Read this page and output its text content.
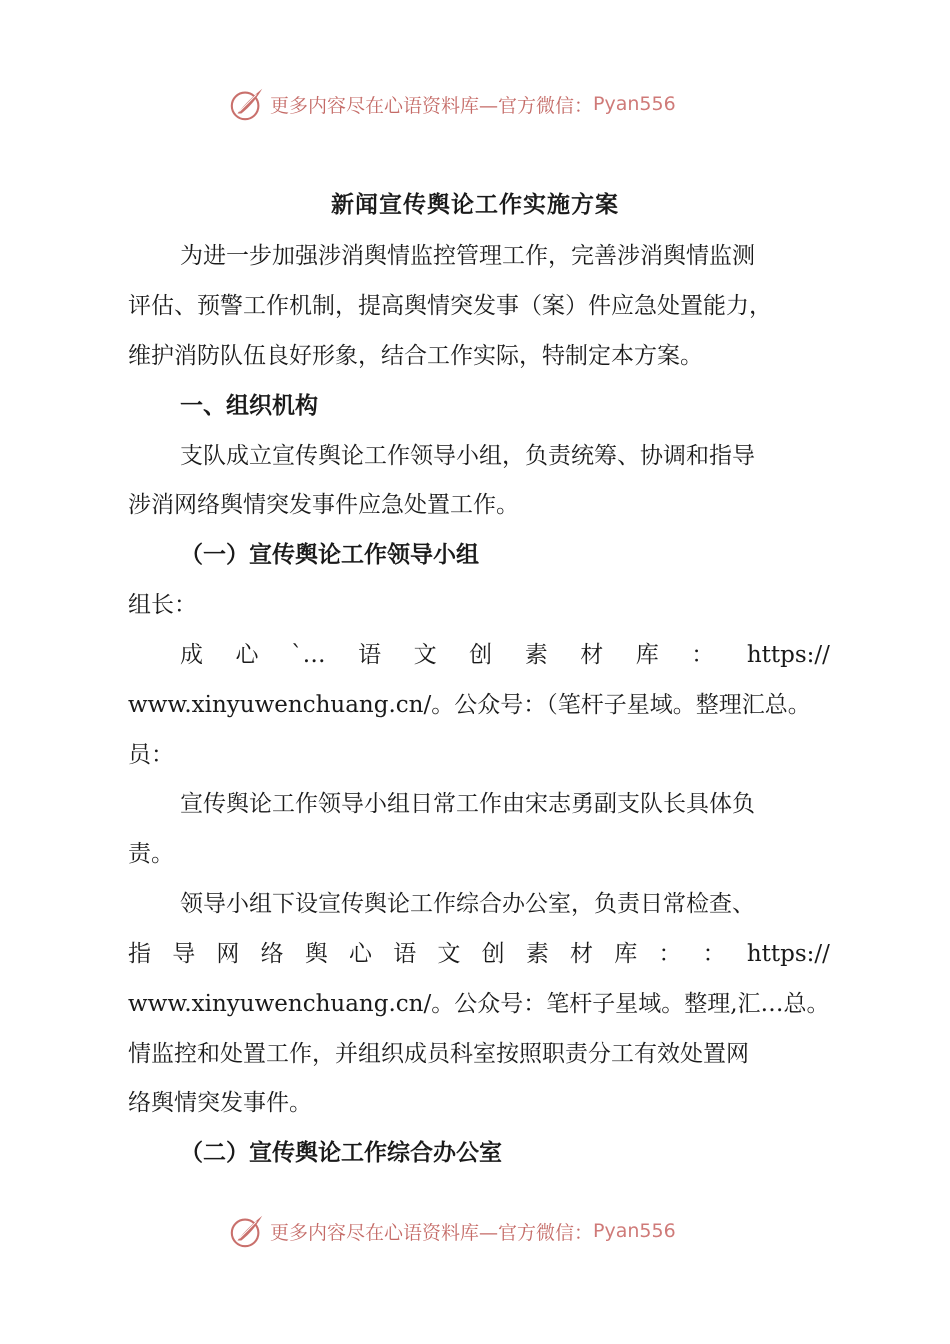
更多内容尽在心语资料库—官方微信： Pyan556
新闻宣传舆论工作实施方案
为进一步加强涉消舆情监控管理工作，完善涉消舆情监测
评估、预警工作机制，提高舆情突发事（案）件应急处置能力，
维护消防队伍良好形象，结合工作实际，特制定本方案。
一、组织机构
支队成立宣传舆论工作领导小组，负责统筹、协调和指导
涉消网络舆情突发事件应急处置工作。
（一）宣传舆论工作领导小组
组长：
成 心 `… 语 文 创 素 材 库 ： https://
www.xinyuwenchuang.cn/。公众号：（笔杆子星域。整理汇总。
员：
宣传舆论工作领导小组日常工作由宋志勇副支队长具体负
责。
领导小组下设宣传舆论工作综合办公室，负责日常检查、
指 导 网 络 舆 心 语 文 创 素 材 库 ： ： https://
www.xinyuwenchuang.cn/。公众号：笔杆子星域。整理,汇…总。
情监控和处置工作，并组织成员科室按照职责分工有效处置网
络舆情突发事件。
（二）宣传舆论工作综合办公室
更多内容尽在心语资料库—官方微信： Pyan556
